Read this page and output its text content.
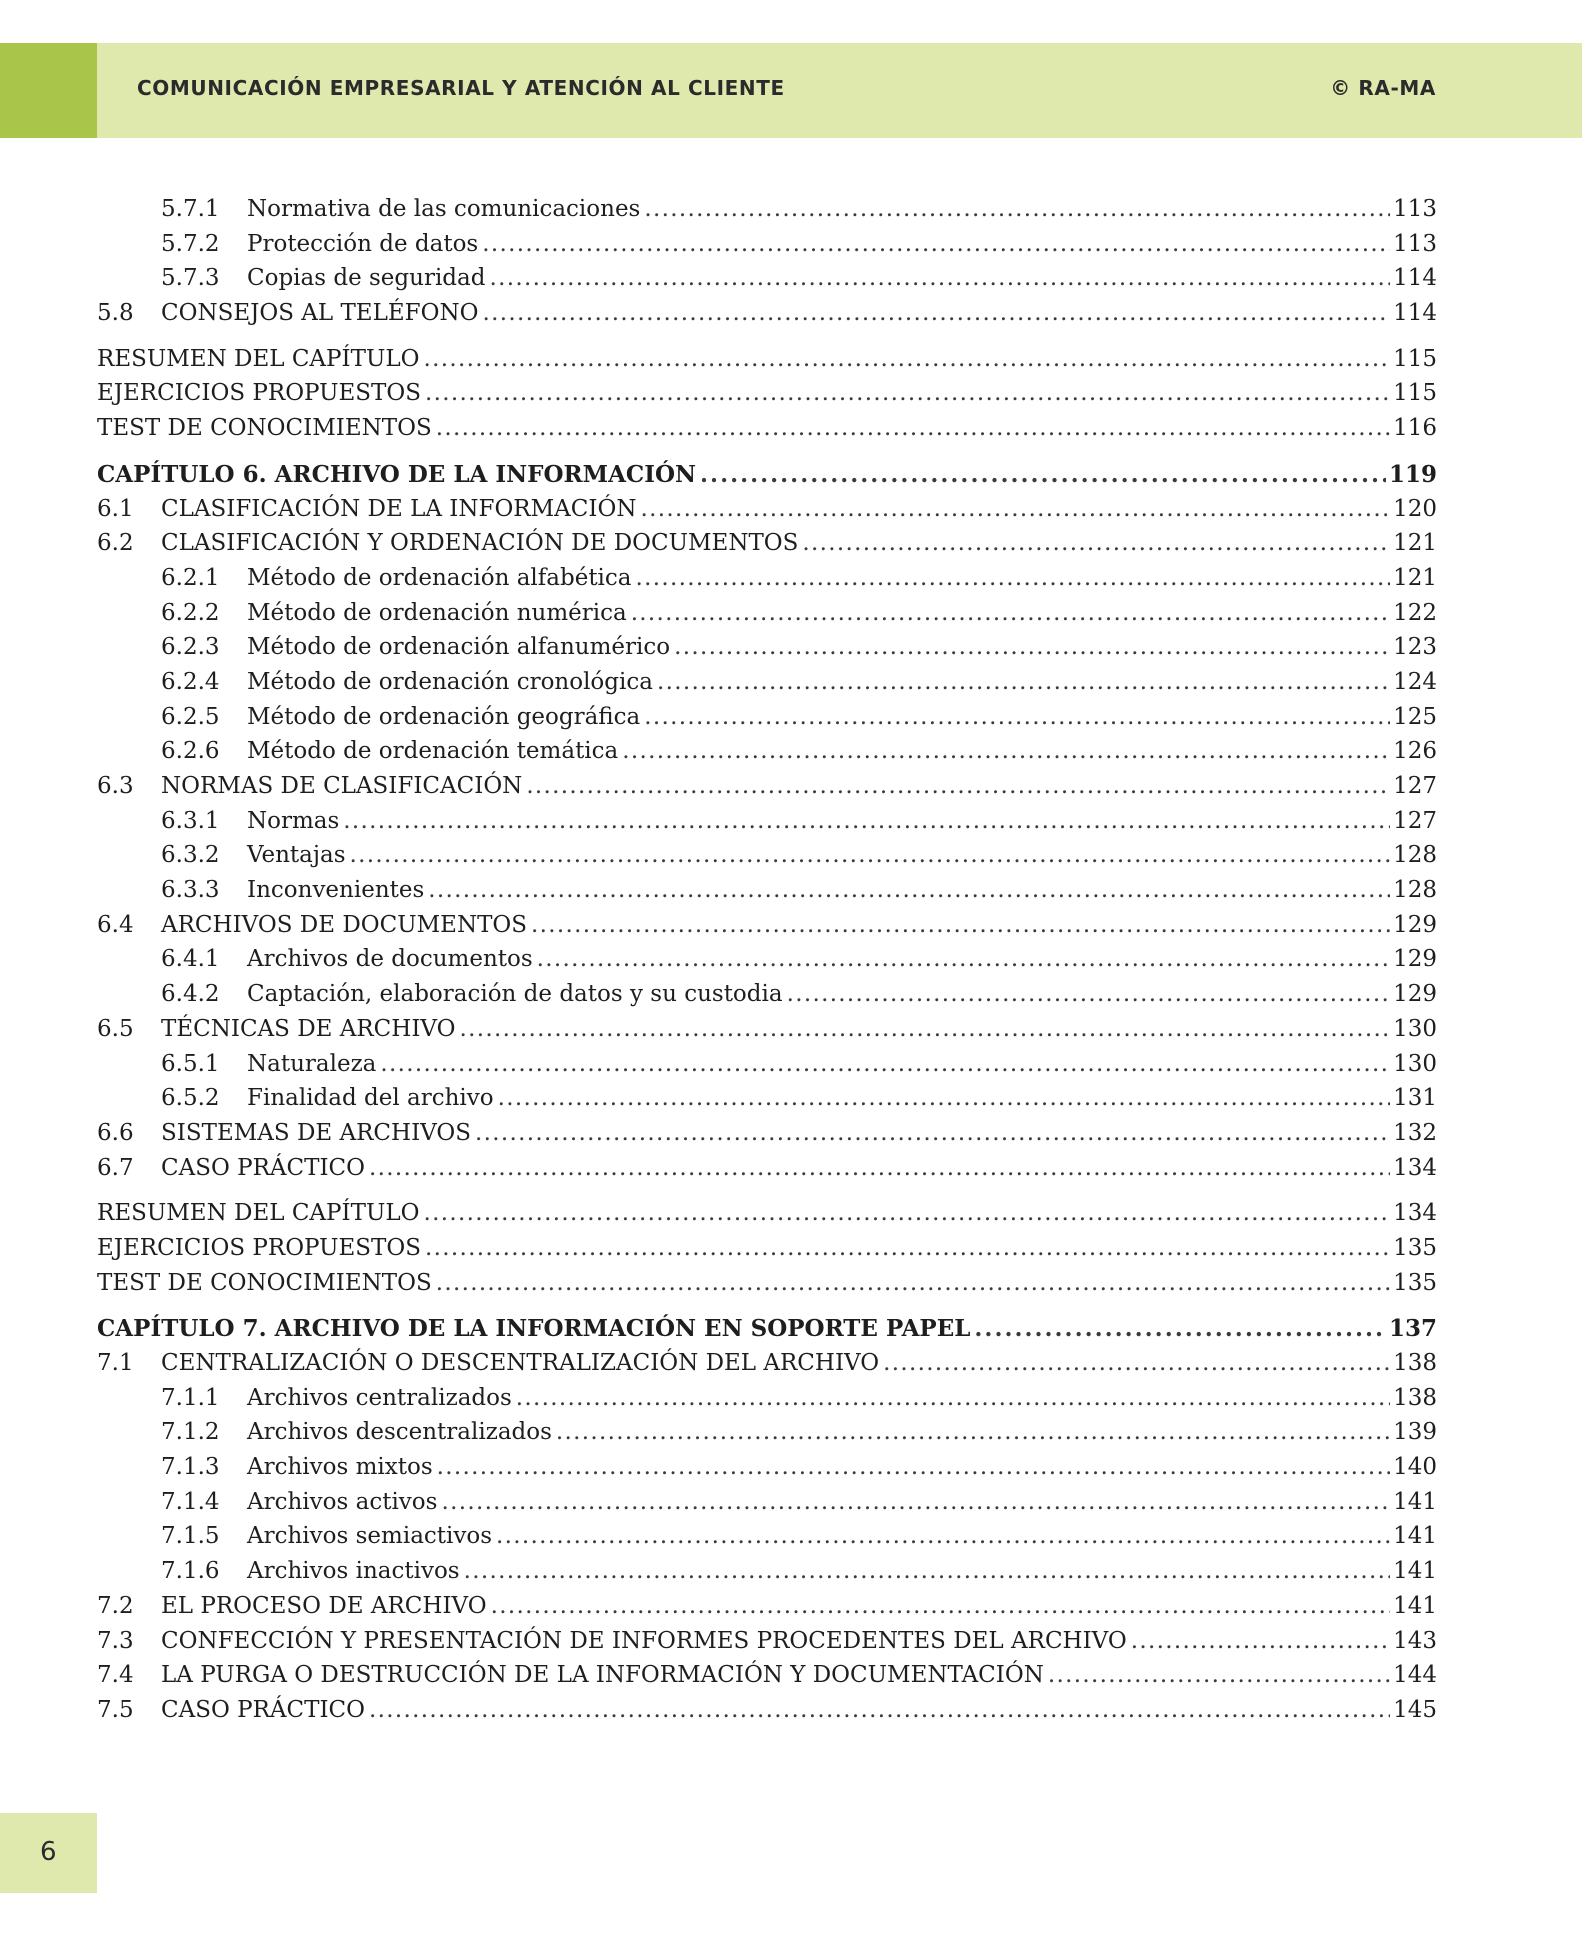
COMUNICACIÓN EMPRESARIAL Y ATENCIÓN AL CLIENTE	© RA-MA
5.7.1	Normativa de las comunicaciones . . .	113
5.7.2	Protección de datos . . .	113
5.7.3	Copias de seguridad . . .	114
5.8	CONSEJOS AL TELÉFONO . . .	114
RESUMEN DEL CAPÍTULO . . .	115
EJERCICIOS PROPUESTOS . . .	115
TEST DE CONOCIMIENTOS . . .	116
CAPÍTULO 6. ARCHIVO DE LA INFORMACIÓN . . .	119
6.1	CLASIFICACIÓN DE LA INFORMACIÓN . . .	120
6.2	CLASIFICACIÓN Y ORDENACIÓN DE DOCUMENTOS . . .	121
6.2.1	Método de ordenación alfabética . . .	121
6.2.2	Método de ordenación numérica . . .	122
6.2.3	Método de ordenación alfanumérico . . .	123
6.2.4	Método de ordenación cronológica . . .	124
6.2.5	Método de ordenación geográfica . . .	125
6.2.6	Método de ordenación temática . . .	126
6.3	NORMAS DE CLASIFICACIÓN . . .	127
6.3.1	Normas . . .	127
6.3.2	Ventajas . . .	128
6.3.3	Inconvenientes . . .	128
6.4	ARCHIVOS DE DOCUMENTOS . . .	129
6.4.1	Archivos de documentos . . .	129
6.4.2	Captación, elaboración de datos y su custodia . . .	129
6.5	TÉCNICAS DE ARCHIVO . . .	130
6.5.1	Naturaleza . . .	130
6.5.2	Finalidad del archivo . . .	131
6.6	SISTEMAS DE ARCHIVOS . . .	132
6.7	CASO PRÁCTICO . . .	134
RESUMEN DEL CAPÍTULO . . .	134
EJERCICIOS PROPUESTOS . . .	135
TEST DE CONOCIMIENTOS . . .	135
CAPÍTULO 7. ARCHIVO DE LA INFORMACIÓN EN SOPORTE PAPEL . . .	137
7.1	CENTRALIZACIÓN O DESCENTRALIZACIÓN DEL ARCHIVO . . .	138
7.1.1	Archivos centralizados . . .	138
7.1.2	Archivos descentralizados . . .	139
7.1.3	Archivos mixtos . . .	140
7.1.4	Archivos activos . . .	141
7.1.5	Archivos semiactivos . . .	141
7.1.6	Archivos inactivos . . .	141
7.2	EL PROCESO DE ARCHIVO . . .	141
7.3	CONFECCIÓN Y PRESENTACIÓN DE INFORMES PROCEDENTES DEL ARCHIVO . . .	143
7.4	LA PURGA O DESTRUCCIÓN DE LA INFORMACIÓN Y DOCUMENTACIÓN . . .	144
7.5	CASO PRÁCTICO . . .	145
6
